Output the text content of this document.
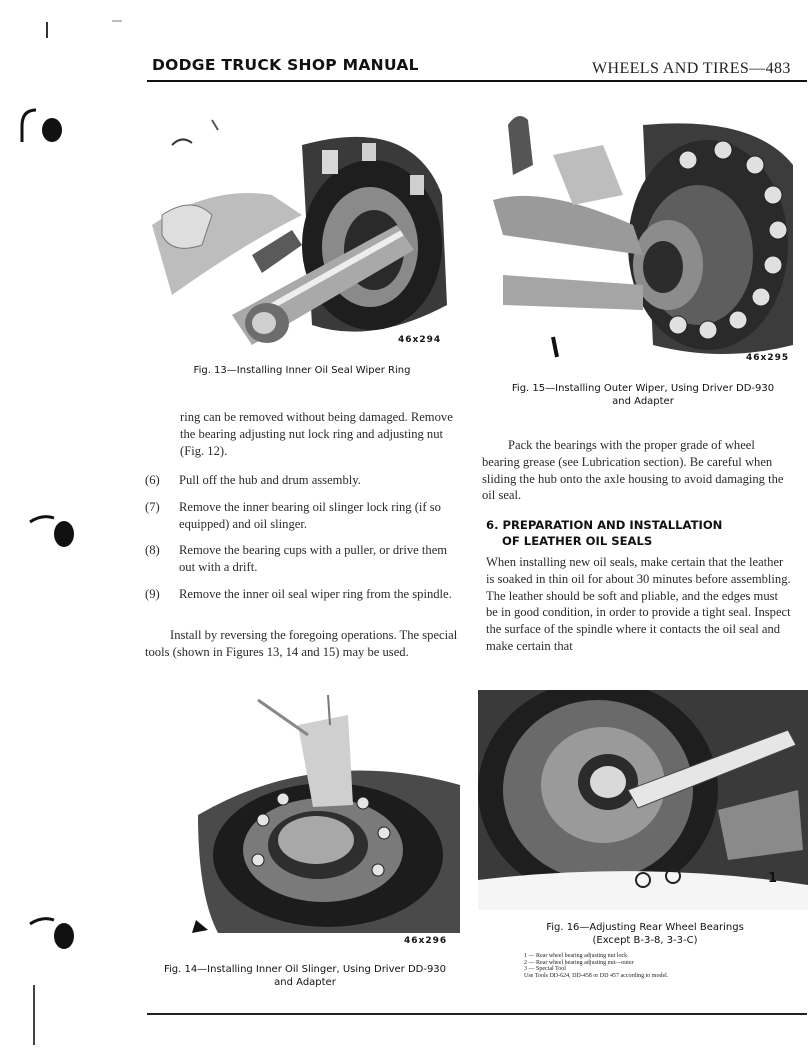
DODGE TRUCK SHOP MANUAL	WHEELS AND TIRES—483
46x294
Fig. 13—Installing Inner Oil Seal Wiper Ring
46x295
Fig. 15—Installing Outer Wiper, Using Driver DD-930
and Adapter

ring can be removed without being damaged. Remove the bearing adjusting nut lock ring and adjusting nut (Fig. 12).

(6)	Pull off the hub and drum assembly.
(7)	Remove the inner bearing oil slinger lock ring (if so equipped) and oil slinger.
(8)	Remove the bearing cups with a puller, or drive them out with a drift.
(9)	Remove the inner oil seal wiper ring from the spindle.

Install by reversing the foregoing operations. The special tools (shown in Figures 13, 14 and 15) may be used.

Pack the bearings with the proper grade of wheel bearing grease (see Lubrication section). Be careful when sliding the hub onto the axle housing to avoid damaging the oil seal.

6. PREPARATION AND INSTALLATION
OF LEATHER OIL SEALS

When installing new oil seals, make certain that the leather is soaked in thin oil for about 30 minutes before assembling. The leather should be soft and pliable, and the edges must be in good condition, in order to provide a tight seal. Inspect the surface of the spindle where it contacts the oil seal and make certain that

46x296
Fig. 14—Installing Inner Oil Slinger, Using Driver DD-930
and Adapter
1
Fig. 16—Adjusting Rear Wheel Bearings
(Except B-3-8, 3-3-C)
1 — Rear wheel bearing adjusting nut lock
2 — Rear wheel bearing adjusting nut—outer
3 — Special Tool
Use Tools DD-624, DD-458 or DD 457 according to model.
